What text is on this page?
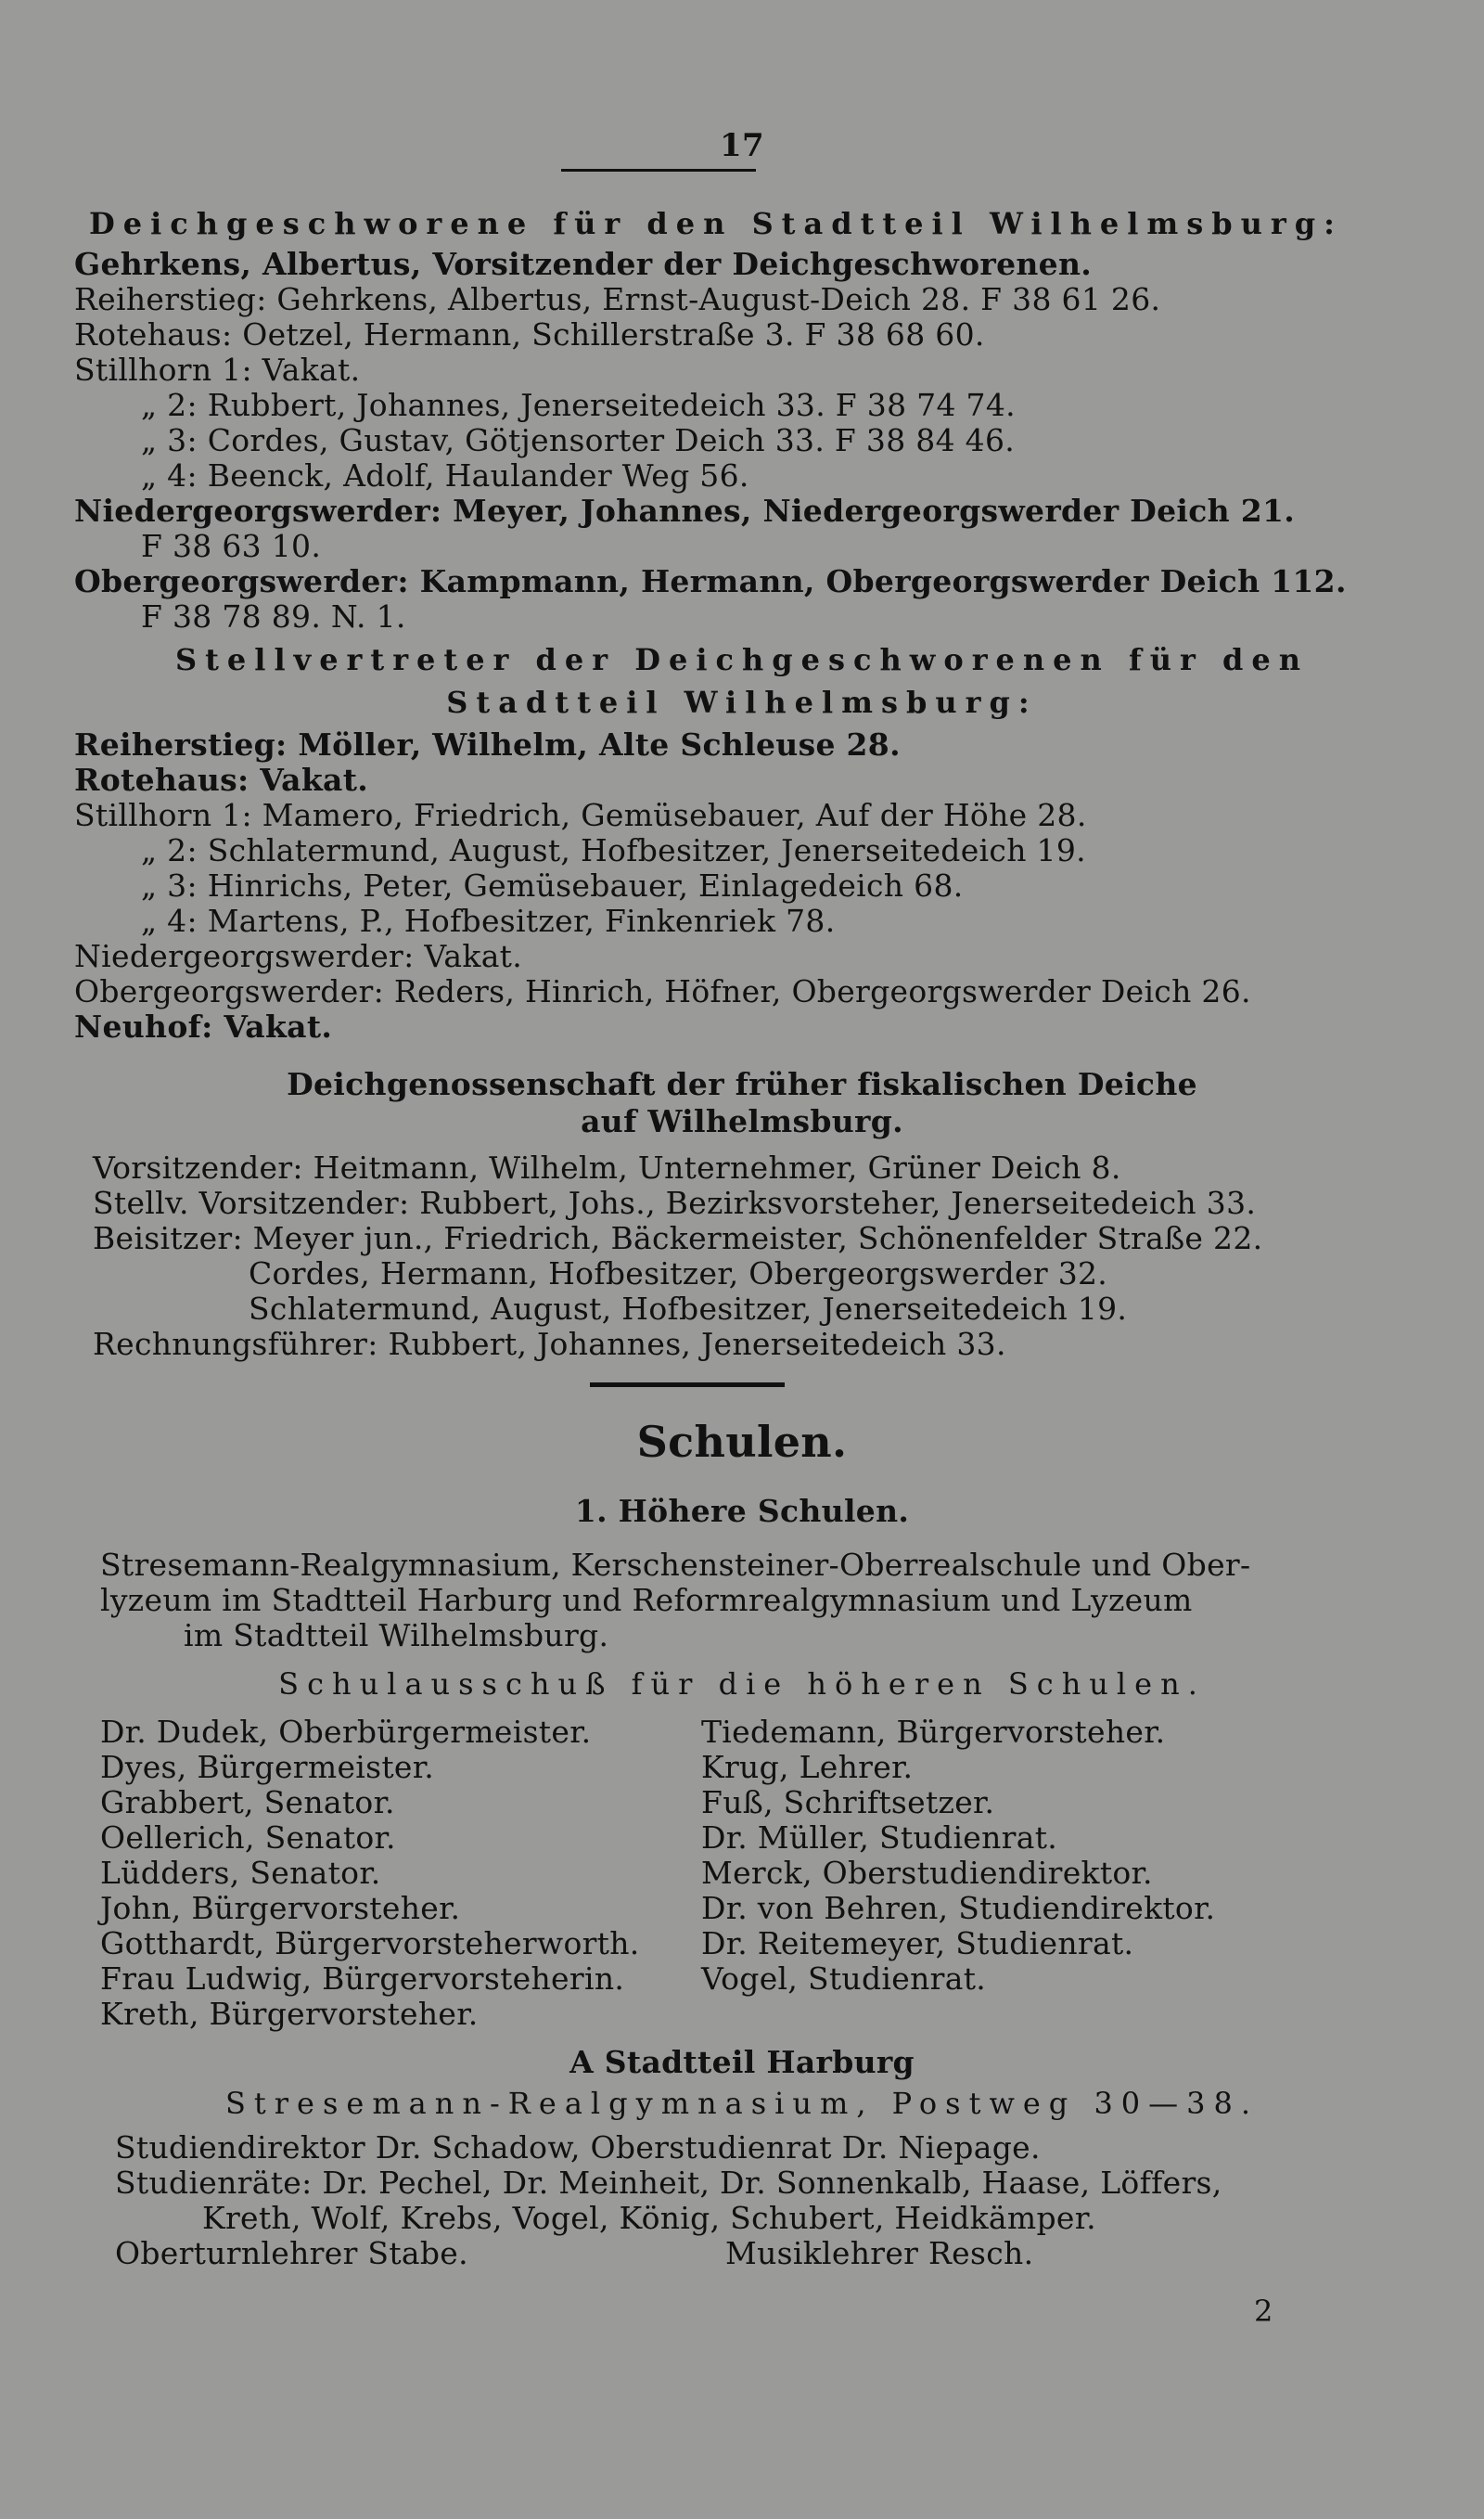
17
Deichgeschworene für den Stadtteil Wilhelmsburg:
Gehrkens, Albertus, Vorsitzender der Deichgeschworenen.
Reiherstieg: Gehrkens, Albertus, Ernst-August-Deich 28. F 38 61 26.
Rotehaus: Oetzel, Hermann, Schillerstraße 3. F 38 68 60.
Stillhorn 1: Vakat.
„ 2: Rubbert, Johannes, Jenerseitedeich 33. F 38 74 74.
„ 3: Cordes, Gustav, Götjensorter Deich 33. F 38 84 46.
„ 4: Beenck, Adolf, Haulander Weg 56.
Niedergeorgswerder: Meyer, Johannes, Niedergeorgswerder Deich 21.
F 38 63 10.
Obergeorgswerder: Kampmann, Hermann, Obergeorgswerder Deich 112.
F 38 78 89. N. 1.
Stellvertreter der Deichgeschworenen für den
Stadtteil Wilhelmsburg:
Reiherstieg: Möller, Wilhelm, Alte Schleuse 28.
Rotehaus: Vakat.
Stillhorn 1: Mamero, Friedrich, Gemüsebauer, Auf der Höhe 28.
„ 2: Schlatermund, August, Hofbesitzer, Jenerseitedeich 19.
„ 3: Hinrichs, Peter, Gemüsebauer, Einlagedeich 68.
„ 4: Martens, P., Hofbesitzer, Finkenriek 78.
Niedergeorgswerder: Vakat.
Obergeorgswerder: Reders, Hinrich, Höfner, Obergeorgswerder Deich 26.
Neuhof: Vakat.
Deichgenossenschaft der früher fiskalischen Deiche
auf Wilhelmsburg.
Vorsitzender: Heitmann, Wilhelm, Unternehmer, Grüner Deich 8.
Stellv. Vorsitzender: Rubbert, Johs., Bezirksvorsteher, Jenerseitedeich 33.
Beisitzer: Meyer jun., Friedrich, Bäckermeister, Schönenfelder Straße 22.
Cordes, Hermann, Hofbesitzer, Obergeorgswerder 32.
Schlatermund, August, Hofbesitzer, Jenerseitedeich 19.
Rechnungsführer: Rubbert, Johannes, Jenerseitedeich 33.
Schulen.
1. Höhere Schulen.
Stresemann-Realgymnasium, Kerschensteiner-Oberrealschule und Ober-
lyzeum im Stadtteil Harburg und Reformrealgymnasium und Lyzeum
im Stadtteil Wilhelmsburg.
Schulausschuß für die höheren Schulen.
Dr. Dudek, Oberbürgermeister.
Dyes, Bürgermeister.
Grabbert, Senator.
Oellerich, Senator.
Lüdders, Senator.
John, Bürgervorsteher.
Gotthardt, Bürgervorsteherworth.
Frau Ludwig, Bürgervorsteherin.
Kreth, Bürgervorsteher.
Tiedemann, Bürgervorsteher.
Krug, Lehrer.
Fuß, Schriftsetzer.
Dr. Müller, Studienrat.
Merck, Oberstudiendirektor.
Dr. von Behren, Studiendirektor.
Dr. Reitemeyer, Studienrat.
Vogel, Studienrat.
A Stadtteil Harburg
Stresemann-Realgymnasium, Postweg 30—38.
Studiendirektor Dr. Schadow, Oberstudienrat Dr. Niepage.
Studienräte: Dr. Pechel, Dr. Meinheit, Dr. Sonnenkalb, Haase, Löffers,
Kreth, Wolf, Krebs, Vogel, König, Schubert, Heidkämper.
Oberturnlehrer Stabe.	Musiklehrer Resch.
2
